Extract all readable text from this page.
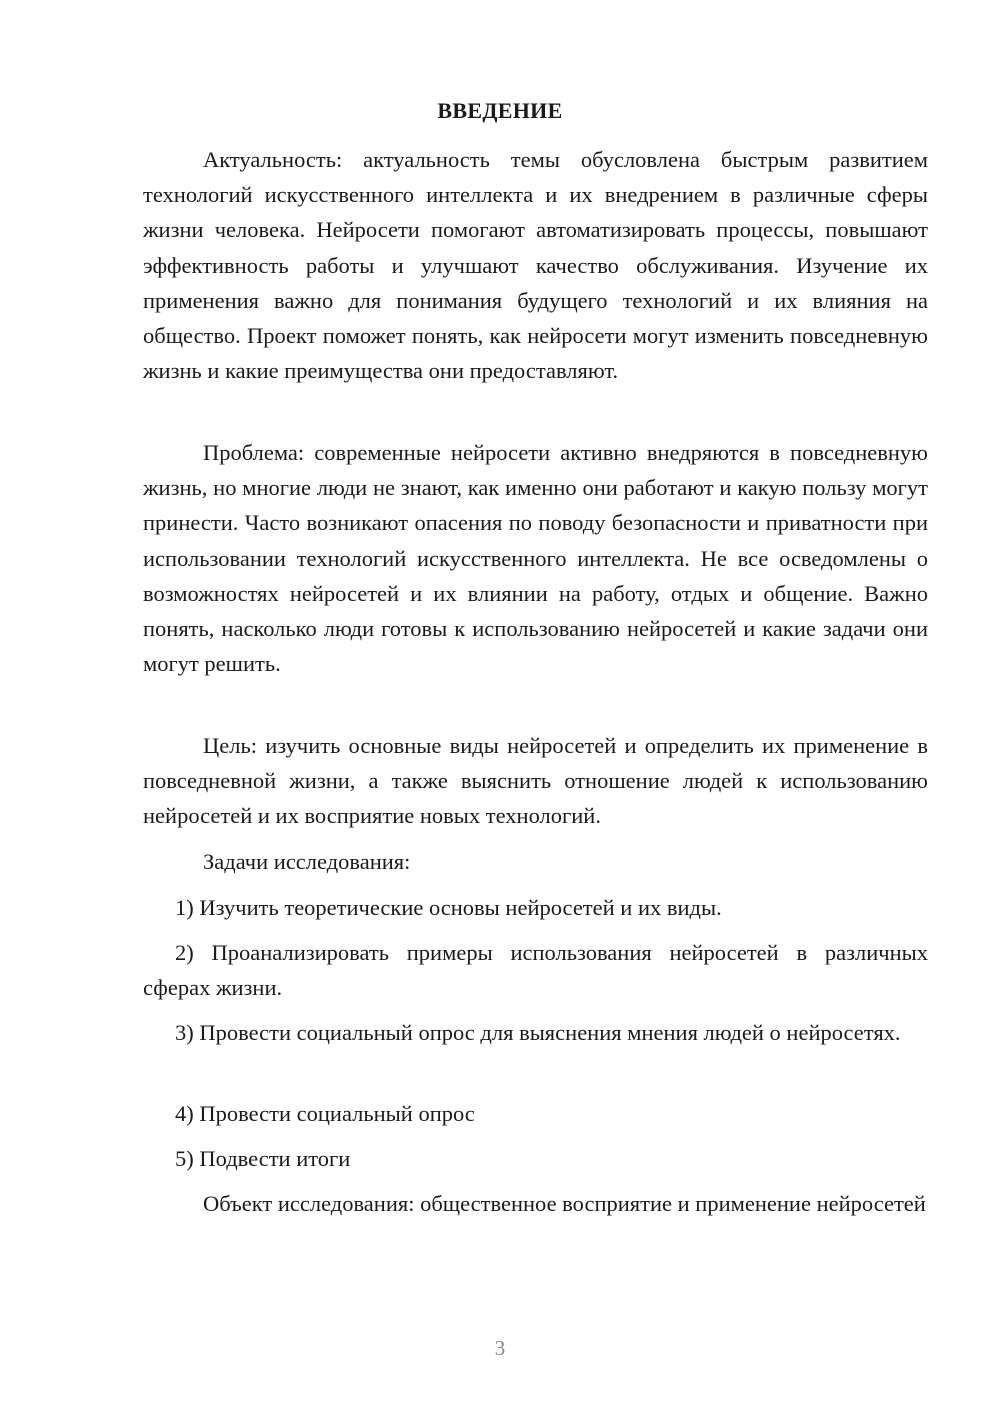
ВВЕДЕНИЕ

Актуальность: актуальность темы обусловлена быстрым развитием технологий искусственного интеллекта и их внедрением в различные сферы жизни человека. Нейросети помогают автоматизировать процессы, повышают эффективность работы и улучшают качество обслуживания. Изучение их применения важно для понимания будущего технологий и их влияния на общество. Проект поможет понять, как нейросети могут изменить повседневную жизнь и какие преимущества они предоставляют.

Проблема: современные нейросети активно внедряются в повседневную жизнь, но многие люди не знают, как именно они работают и какую пользу могут принести. Часто возникают опасения по поводу безопасности и приватности при использовании технологий искусственного интеллекта. Не все осведомлены о возможностях нейросетей и их влиянии на работу, отдых и общение. Важно понять, насколько люди готовы к использованию нейросетей и какие задачи они могут решить.

Цель: изучить основные виды нейросетей и определить их применение в повседневной жизни, а также выяснить отношение людей к использованию нейросетей и их восприятие новых технологий.

Задачи исследования:

1) Изучить теоретические основы нейросетей и их виды.

2) Проанализировать примеры использования нейросетей в различных сферах жизни.

3) Провести социальный опрос для выяснения мнения людей о нейросетях.

4) Провести социальный опрос

5) Подвести итоги

Объект исследования: общественное восприятие и применение нейросетей

3
